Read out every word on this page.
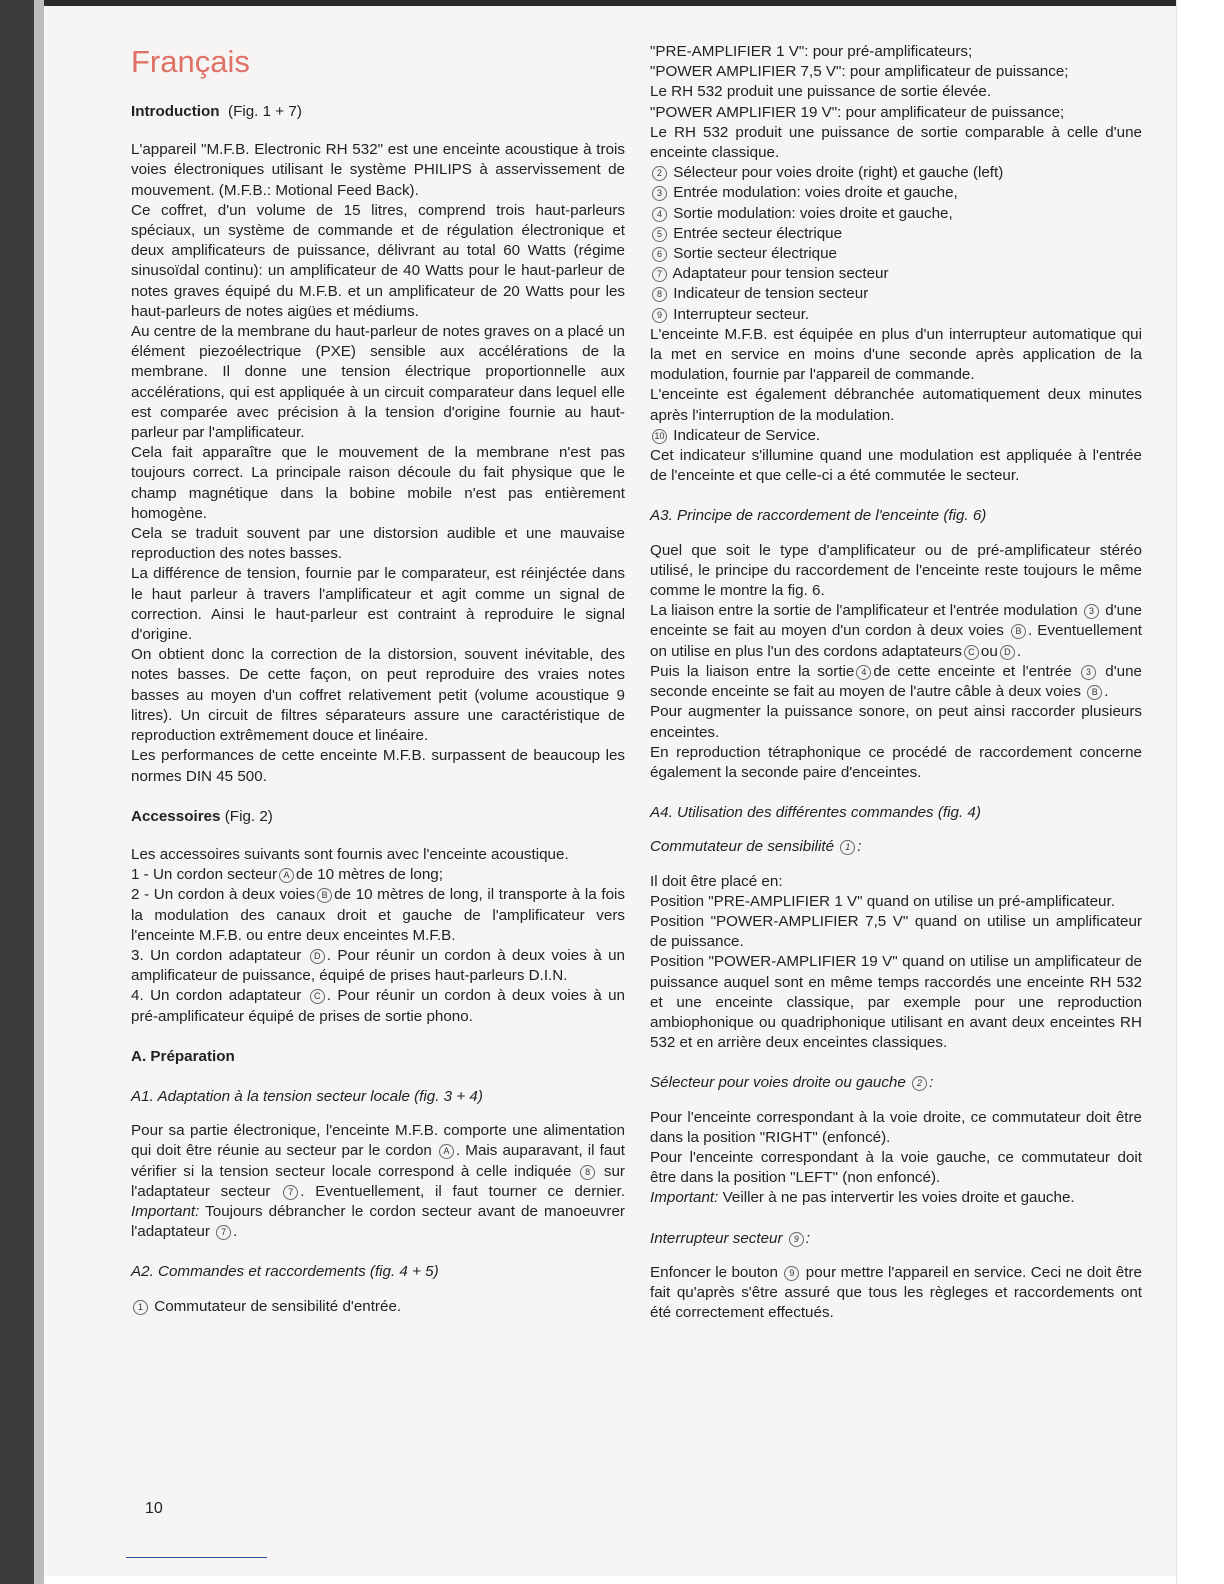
Français

Introduction (Fig. 1 + 7)

L'appareil "M.F.B. Electronic RH 532" est une enceinte acoustique à trois voies électroniques utilisant le système PHILIPS à asservissement de mouvement. (M.F.B.: Motional Feed Back).

Ce coffret, d'un volume de 15 litres, comprend trois haut-parleurs spéciaux, un système de commande et de régulation électronique et deux amplificateurs de puissance, délivrant au total 60 Watts (régime sinusoïdal continu): un amplificateur de 40 Watts pour le haut-parleur de notes graves équipé du M.F.B. et un amplificateur de 20 Watts pour les haut-parleurs de notes aigües et médiums.

Au centre de la membrane du haut-parleur de notes graves on a placé un élément piezoélectrique (PXE) sensible aux accélérations de la membrane. Il donne une tension électrique proportionnelle aux accélérations, qui est appliquée à un circuit comparateur dans lequel elle est comparée avec précision à la tension d'origine fournie au haut-parleur par l'amplificateur.

Cela fait apparaître que le mouvement de la membrane n'est pas toujours correct. La principale raison découle du fait physique que le champ magnétique dans la bobine mobile n'est pas entièrement homogène.

Cela se traduit souvent par une distorsion audible et une mauvaise reproduction des notes basses.

La différence de tension, fournie par le comparateur, est réinjéctée dans le haut parleur à travers l'amplificateur et agit comme un signal de correction. Ainsi le haut-parleur est contraint à reproduire le signal d'origine.

On obtient donc la correction de la distorsion, souvent inévitable, des notes basses. De cette façon, on peut reproduire des vraies notes basses au moyen d'un coffret relativement petit (volume acoustique 9 litres). Un circuit de filtres séparateurs assure une caractéristique de reproduction extrêmement douce et linéaire.

Les performances de cette enceinte M.F.B. surpassent de beaucoup les normes DIN 45 500.

Accessoires (Fig. 2)

Les accessoires suivants sont fournis avec l'enceinte acoustique.

1 - Un cordon secteur A de 10 mètres de long;

2 - Un cordon à deux voies B de 10 mètres de long, il transporte à la fois la modulation des canaux droit et gauche de l'amplificateur vers l'enceinte M.F.B. ou entre deux enceintes M.F.B.

3. Un cordon adaptateur D . Pour réunir un cordon à deux voies à un amplificateur de puissance, équipé de prises haut-parleurs D.I.N.

4. Un cordon adaptateur C . Pour réunir un cordon à deux voies à un pré-amplificateur équipé de prises de sortie phono.

A. Préparation

A1. Adaptation à la tension secteur locale (fig. 3 + 4)

Pour sa partie électronique, l'enceinte M.F.B. comporte une alimentation qui doit être réunie au secteur par le cordon A . Mais auparavant, il faut vérifier si la tension secteur locale correspond à celle indiquée 8 sur l'adaptateur secteur 7 . Eventuellement, il faut tourner ce dernier. Important: Toujours débrancher le cordon secteur avant de manoeuvrer l'adaptateur 7 .

A2. Commandes et raccordements (fig. 4 + 5)

1 Commutateur de sensibilité d'entrée.

"PRE-AMPLIFIER 1 V": pour pré-amplificateurs;

"POWER AMPLIFIER 7,5 V": pour amplificateur de puissance;

Le RH 532 produit une puissance de sortie élevée.

"POWER AMPLIFIER 19 V": pour amplificateur de puissance;

Le RH 532 produit une puissance de sortie comparable à celle d'une enceinte classique.

2 Sélecteur pour voies droite (right) et gauche (left)

3 Entrée modulation: voies droite et gauche,

4 Sortie modulation: voies droite et gauche,

5 Entrée secteur électrique

6 Sortie secteur électrique

7 Adaptateur pour tension secteur

8 Indicateur de tension secteur

9 Interrupteur secteur.

L'enceinte M.F.B. est équipée en plus d'un interrupteur automatique qui la met en service en moins d'une seconde après application de la modulation, fournie par l'appareil de commande.

L'enceinte est également débranchée automatiquement deux minutes après l'interruption de la modulation.

10 Indicateur de Service.

Cet indicateur s'illumine quand une modulation est appliquée à l'entrée de l'enceinte et que celle-ci a été commutée le secteur.

A3. Principe de raccordement de l'enceinte (fig. 6)

Quel que soit le type d'amplificateur ou de pré-amplificateur stéréo utilisé, le principe du raccordement de l'enceinte reste toujours le même comme le montre la fig. 6.

La liaison entre la sortie de l'amplificateur et l'entrée modulation 3 d'une enceinte se fait au moyen d'un cordon à deux voies B . Eventuellement on utilise en plus l'un des cordons adaptateurs C ou D .

Puis la liaison entre la sortie 4 de cette enceinte et l'entrée 3 d'une seconde enceinte se fait au moyen de l'autre câble à deux voies B .

Pour augmenter la puissance sonore, on peut ainsi raccorder plusieurs enceintes.

En reproduction tétraphonique ce procédé de raccordement concerne également la seconde paire d'enceintes.

A4. Utilisation des différentes commandes (fig. 4)

Commutateur de sensibilité 1 :

Il doit être placé en:

Position "PRE-AMPLIFIER 1 V" quand on utilise un pré-amplificateur.

Position "POWER-AMPLIFIER 7,5 V" quand on utilise un amplificateur de puissance.

Position "POWER-AMPLIFIER 19 V" quand on utilise un amplificateur de puissance auquel sont en même temps raccordés une enceinte RH 532 et une enceinte classique, par exemple pour une reproduction ambiophonique ou quadriphonique utilisant en avant deux enceintes RH 532 et en arrière deux enceintes classiques.

Sélecteur pour voies droite ou gauche 2 :

Pour l'enceinte correspondant à la voie droite, ce commutateur doit être dans la position "RIGHT" (enfoncé).

Pour l'enceinte correspondant à la voie gauche, ce commutateur doit être dans la position "LEFT" (non enfoncé).

Important: Veiller à ne pas intervertir les voies droite et gauche.

Interrupteur secteur 9 :

Enfoncer le bouton 9 pour mettre l'appareil en service. Ceci ne doit être fait qu'après s'être assuré que tous les règleges et raccordements ont été correctement effectués.

10
